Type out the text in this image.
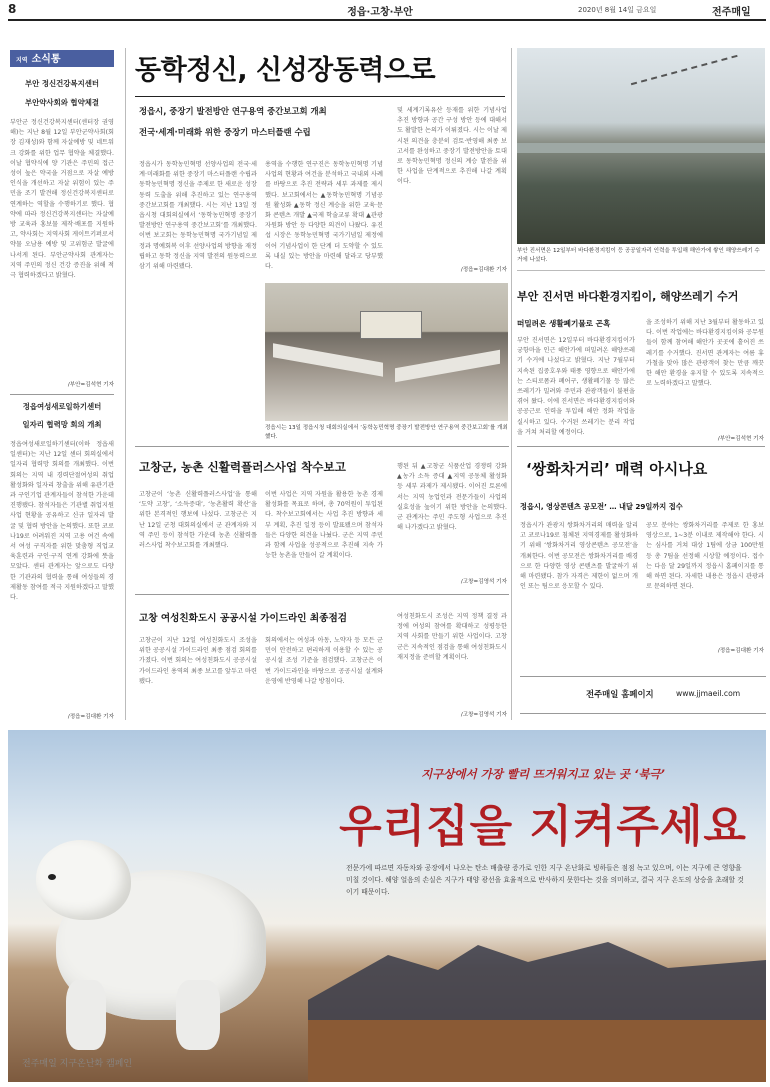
8	정읍·고창·부안	2020년 8월 14일 금요일	전주매일
지역 소식통
부안 정신건강복지센터
부안약사회와 협약체결
부안군 정신건강복지센터(센터장 권영해)는 지난 8월 12일 부안군약사회(회장 김재성)와 함께 자살예방 및 네트워크 강화를 위한 업무 협약을 체결했다. 이날 협약식에 양 기관은 주민의 접근성이 높은 약국을 거점으로 자살 예방 인식을 개선하고 자살 위험이 있는 주민을 조기 발견해 정신건강복지센터로 연계하는 역할을 수행하기로 했다. 협약에 따라 정신건강복지센터는 자살예방 교육과 홍보물 제작·배포를 지원하고, 약사회는 지역사회 게이트키퍼로서 약물 오남용 예방 및 고위험군 발굴에 나서게 된다. 부안군약사회 관계자는 지역 주민의 정신 건강 증진을 위해 적극 협력하겠다고 밝혔다.
/부안=김석현 기자
정읍여성새로일하기센터
일자리 협력망 회의 개최
정읍여성새로일하기센터(이하 정읍새일센터)는 지난 12일 센터 회의실에서 일자리 협력망 회의를 개최했다. 이번 회의는 지역 내 경력단절여성의 취업 활성화와 일자리 창출을 위해 유관기관과 구인기업 관계자들이 참석한 가운데 진행됐다. 참석자들은 기관별 취업지원 사업 현황을 공유하고 신규 일자리 발굴 및 협력 방안을 논의했다. 또한 코로나19로 어려워진 지역 고용 여건 속에서 여성 구직자를 위한 맞춤형 직업교육훈련과 구인·구직 연계 강화에 뜻을 모았다. 센터 관계자는 앞으로도 다양한 기관과의 협력을 통해 여성들의 경제활동 참여를 적극 지원하겠다고 말했다.
/정읍=김대환 기자
동학정신, 신성장동력으로
정읍시, 중장기 발전방안 연구용역 중간보고회 개최
전국·세계·미래화 위한 중장기 마스터플랜 수립
정읍시가 동학농민혁명 선양사업의 전국·세계·미래화를 위한 중장기 마스터플랜 수립과 동학농민혁명 정신을 주제로 한 새로운 성장동력 도출을 위해 추진하고 있는 연구용역 중간보고회를 개최했다. 시는 지난 13일 정읍시청 대회의실에서 ‘동학농민혁명 중장기 발전방안 연구용역 중간보고회’를 개최했다. 이번 보고회는 동학농민혁명 국가기념일 제정과 명예회복 이후 선양사업의 방향을 재정립하고 동학 정신을 지역 발전의 원동력으로 삼기 위해 마련됐다.
용역을 수행한 연구진은 동학농민혁명 기념사업의 현황과 여건을 분석하고 국내외 사례를 바탕으로 추진 전략과 세부 과제를 제시했다. 보고회에서는 ▲동학농민혁명 기념공원 활성화 ▲동학 정신 계승을 위한 교육·문화 콘텐츠 개발 ▲국제 학술교류 확대 ▲관광 자원화 방안 등 다양한 의견이 나왔다. 유진섭 시장은 동학농민혁명 국가기념일 제정에 이어 기념사업이 한 단계 더 도약할 수 있도록 내실 있는 방안을 마련해 달라고 당부했다.
및 세계기록유산 등재를 위한 기념사업 추진 방향과 공간 구성 방안 등에 대해서도 활발한 논의가 이뤄졌다. 시는 이날 제시된 의견을 충분히 검토·반영해 최종 보고서를 완성하고 중장기 발전방안을 토대로 동학농민혁명 정신의 계승 발전을 위한 사업을 단계적으로 추진해 나갈 계획이다.
/정읍=김대환 기자
정읍시는 13일 정읍시청 대회의실에서 ‘동학농민혁명 중장기 발전방안 연구용역 중간보고회’를 개최했다.
부안 진서면은 12일부터 바다환경지킴이 등 공공일자리 인력을 투입해 해안가에 쌓인 해양쓰레기 수거에 나섰다.
부안 진서면 바다환경지킴이, 해양쓰레기 수거
떠밀려온 생활폐기물로 곤혹
부안 진서면은 12일부터 바다환경지킴이가 궁항마을 인근 해안가에 떠밀려온 해양쓰레기 수거에 나섰다고 밝혔다. 지난 7월부터 지속된 집중호우와 태풍 영향으로 해안가에는 스티로폼과 폐어구, 생활폐기물 등 많은 쓰레기가 밀려와 주민과 관광객들이 불편을 겪어 왔다. 이에 진서면은 바다환경지킴이와 공공근로 인력을 투입해 해안 정화 작업을 실시하고 있다. 수거된 쓰레기는 분리 작업을 거쳐 처리할 예정이다.
을 조성하기 위해 지난 3월부터 활동하고 있다. 이번 작업에는 바다환경지킴이와 공무원들이 함께 참여해 해안가 곳곳에 흩어진 쓰레기를 수거했다. 진서면 관계자는 여름 휴가철을 맞아 많은 관광객이 찾는 만큼 깨끗한 해안 환경을 유지할 수 있도록 지속적으로 노력하겠다고 말했다.
/부안=김석현 기자
고창군, 농촌 신활력플러스사업 착수보고
고창군이 ‘농촌 신활력플러스사업’을 통해 ‘도약 고창’, ‘소득증대’, ‘농촌활력 확산’을 위한 본격적인 행보에 나섰다. 고창군은 지난 12일 군청 대회의실에서 군 관계자와 지역 주민 등이 참석한 가운데 농촌 신활력플러스사업 착수보고회를 개최했다.
이번 사업은 지역 자원을 활용한 농촌 경제 활성화를 목표로 하며, 총 70억원이 투입된다. 착수보고회에서는 사업 추진 방향과 세부 계획, 추진 일정 등이 발표됐으며 참석자들은 다양한 의견을 나눴다. 군은 지역 주민과 함께 사업을 성공적으로 추진해 지속 가능한 농촌을 만들어 갈 계획이다.
행된 뒤 ▲고창군 식품산업 경쟁력 강화 ▲농가 소득 증대 ▲지역 공동체 활성화 등 세부 과제가 제시됐다. 이어진 토론에서는 지역 농업인과 전문가들이 사업의 실효성을 높이기 위한 방안을 논의했다. 군 관계자는 주민 주도형 사업으로 추진해 나가겠다고 밝혔다.
/고창=김영석 기자
고창 여성친화도시 공공시설 가이드라인 최종점검
고창군이 지난 12일 여성친화도시 조성을 위한 공공시설 가이드라인 최종 점검 회의를 가졌다. 이번 회의는 여성친화도시 공공시설 가이드라인 용역의 최종 보고를 앞두고 마련됐다.
회의에서는 여성과 아동, 노약자 등 모든 군민이 안전하고 편리하게 이용할 수 있는 공공시설 조성 기준을 점검했다. 고창군은 이번 가이드라인을 바탕으로 공공시설 설계와 운영에 반영해 나갈 방침이다.
여성친화도시 조성은 지역 정책 결정 과정에 여성의 참여를 확대하고 성평등한 지역 사회를 만들기 위한 사업이다. 고창군은 지속적인 점검을 통해 여성친화도시 재지정을 준비할 계획이다.
/고창=김영석 기자
‘쌍화차거리’ 매력 아시나요
정읍시, 영상콘텐츠 공모전’ … 내달 29일까지 접수
정읍시가 관광지 쌍화차거리의 매력을 알리고 코로나19로 침체된 지역경제를 활성화하기 위해 ‘쌍화차거리 영상콘텐츠 공모전’을 개최한다. 이번 공모전은 쌍화차거리를 배경으로 한 다양한 영상 콘텐츠를 발굴하기 위해 마련됐다. 참가 자격은 제한이 없으며 개인 또는 팀으로 응모할 수 있다.
공모 분야는 쌍화차거리를 주제로 한 홍보 영상으로, 1~3분 이내로 제작해야 한다. 시는 심사를 거쳐 대상 1팀에 상금 100만원 등 총 7팀을 선정해 시상할 예정이다. 접수는 다음 달 29일까지 정읍시 홈페이지를 통해 하면 된다. 자세한 내용은 정읍시 관광과로 문의하면 된다.
/정읍=김대환 기자
전주매일 홈페이지	www.jjmaeil.com
지구상에서 가장 빨리 뜨거워지고 있는 곳 ‘북극’
우리집을 지켜주세요
전문가에 따르면 자동차와 공장에서 나오는 탄소 배출량 증가로 인한 지구 온난화로 빙하들은 점점 녹고 있으며, 이는 지구에 큰 영향을 미칠 것이다. 해양 얼음의 손실은 지구가 태양 광선을 효율적으로 반사하지 못한다는 것을 의미하고, 결국 지구 온도의 상승을 초래할 것이기 때문이다.
전주매일 지구온난화 캠페인
